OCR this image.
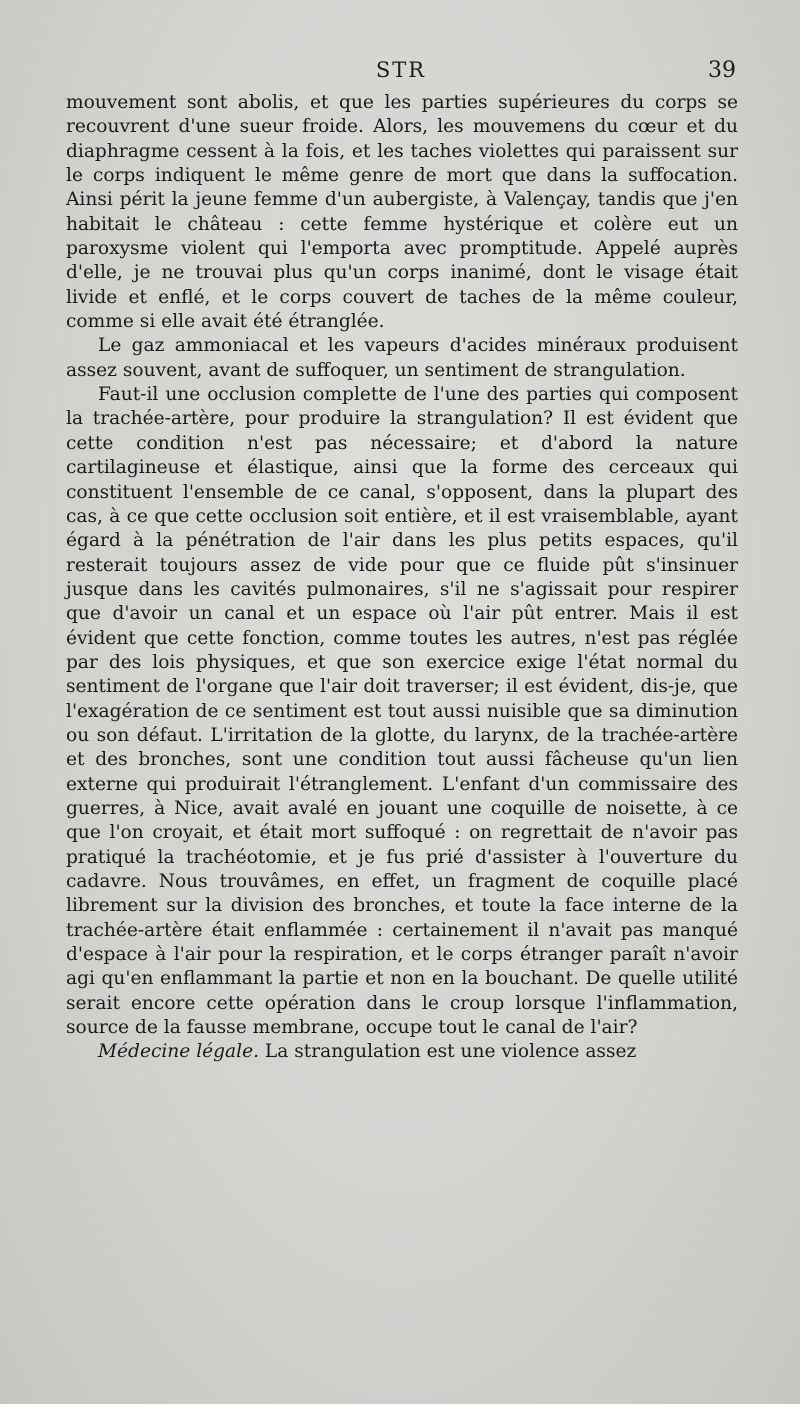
STR	39

mouvement sont abolis, et que les parties supérieures du corps se recouvrent d'une sueur froide. Alors, les mouvemens du cœur et du diaphragme cessent à la fois, et les taches violettes qui paraissent sur le corps indiquent le même genre de mort que dans la suffocation. Ainsi périt la jeune femme d'un aubergiste, à Valençay, tandis que j'en habitait le château : cette femme hystérique et colère eut un paroxysme violent qui l'emporta avec promptitude. Appelé auprès d'elle, je ne trouvai plus qu'un corps inanimé, dont le visage était livide et enflé, et le corps couvert de taches de la même couleur, comme si elle avait été étranglée.

Le gaz ammoniacal et les vapeurs d'acides minéraux produisent assez souvent, avant de suffoquer, un sentiment de strangulation.

Faut-il une occlusion complette de l'une des parties qui composent la trachée-artère, pour produire la strangulation? Il est évident que cette condition n'est pas nécessaire; et d'abord la nature cartilagineuse et élastique, ainsi que la forme des cerceaux qui constituent l'ensemble de ce canal, s'opposent, dans la plupart des cas, à ce que cette occlusion soit entière, et il est vraisemblable, ayant égard à la pénétration de l'air dans les plus petits espaces, qu'il resterait toujours assez de vide pour que ce fluide pût s'insinuer jusque dans les cavités pulmonaires, s'il ne s'agissait pour respirer que d'avoir un canal et un espace où l'air pût entrer. Mais il est évident que cette fonction, comme toutes les autres, n'est pas réglée par des lois physiques, et que son exercice exige l'état normal du sentiment de l'organe que l'air doit traverser; il est évident, dis-je, que l'exagération de ce sentiment est tout aussi nuisible que sa diminution ou son défaut. L'irritation de la glotte, du larynx, de la trachée-artère et des bronches, sont une condition tout aussi fâcheuse qu'un lien externe qui produirait l'étranglement. L'enfant d'un commissaire des guerres, à Nice, avait avalé en jouant une coquille de noisette, à ce que l'on croyait, et était mort suffoqué : on regrettait de n'avoir pas pratiqué la trachéotomie, et je fus prié d'assister à l'ouverture du cadavre. Nous trouvâmes, en effet, un fragment de coquille placé librement sur la division des bronches, et toute la face interne de la trachée-artère était enflammée : certainement il n'avait pas manqué d'espace à l'air pour la respiration, et le corps étranger paraît n'avoir agi qu'en enflammant la partie et non en la bouchant. De quelle utilité serait encore cette opération dans le croup lorsque l'inflammation, source de la fausse membrane, occupe tout le canal de l'air?

Médecine légale. La strangulation est une violence assez
